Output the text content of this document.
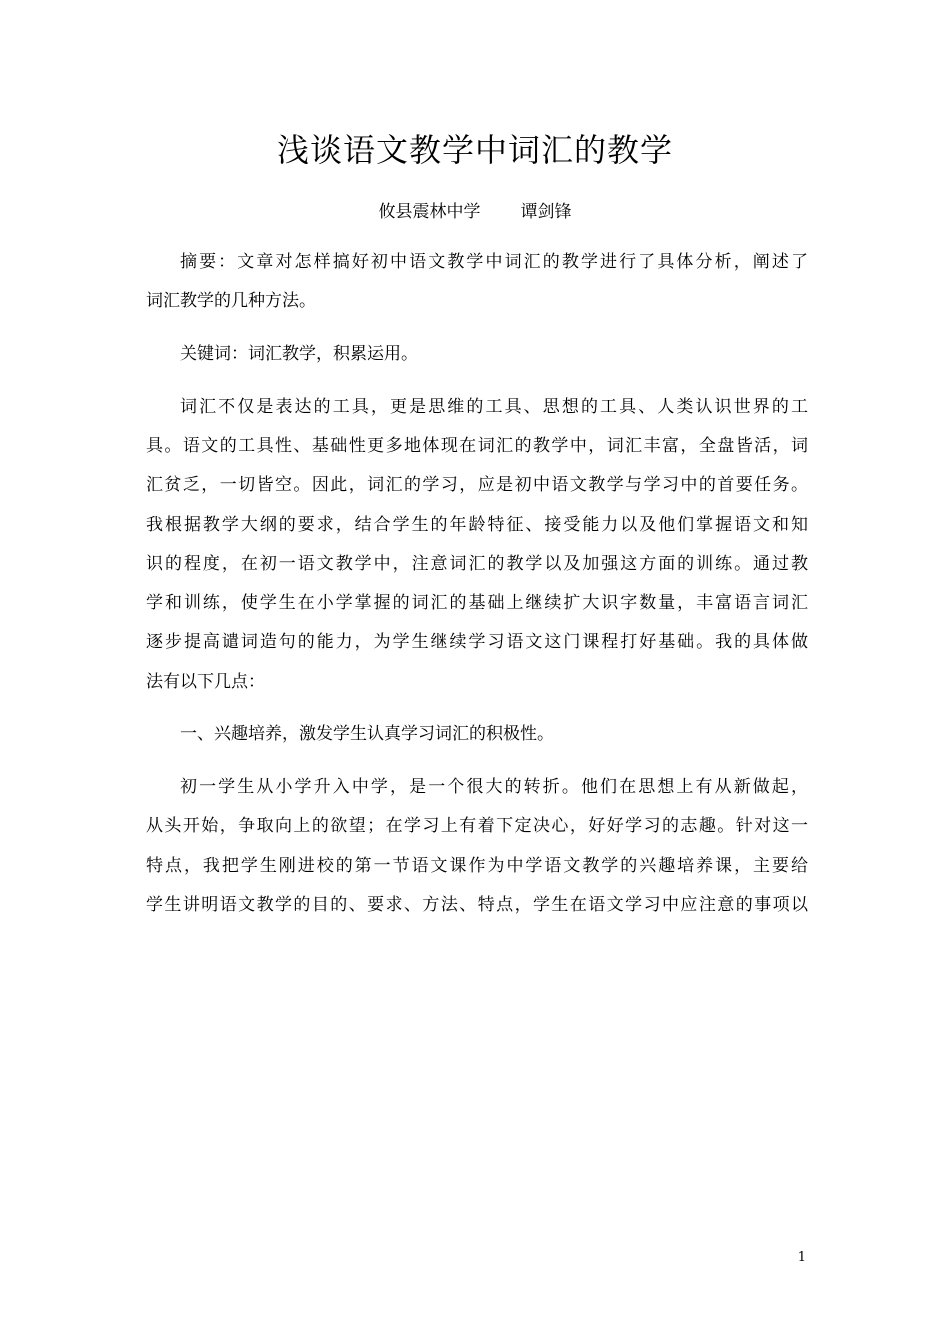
浅谈语文教学中词汇的教学
攸县震林中学 谭剑锋
摘要：文章对怎样搞好初中语文教学中词汇的教学进行了具体分析，阐述了
词汇教学的几种方法。
关键词：词汇教学，积累运用。
词汇不仅是表达的工具，更是思维的工具、思想的工具、人类认识世界的工
具。语文的工具性、基础性更多地体现在词汇的教学中，词汇丰富，全盘皆活，词
汇贫乏，一切皆空。因此，词汇的学习，应是初中语文教学与学习中的首要任务。
我根据教学大纲的要求，结合学生的年龄特征、接受能力以及他们掌握语文和知
识的程度，在初一语文教学中，注意词汇的教学以及加强这方面的训练。通过教
学和训练，使学生在小学掌握的词汇的基础上继续扩大识字数量，丰富语言词汇
逐步提高谴词造句的能力，为学生继续学习语文这门课程打好基础。我的具体做
法有以下几点：
一、兴趣培养，激发学生认真学习词汇的积极性。
初一学生从小学升入中学，是一个很大的转折。他们在思想上有从新做起，
从头开始，争取向上的欲望；在学习上有着下定决心，好好学习的志趣。针对这一
特点，我把学生刚进校的第一节语文课作为中学语文教学的兴趣培养课，主要给
学生讲明语文教学的目的、要求、方法、特点，学生在语文学习中应注意的事项以
1
